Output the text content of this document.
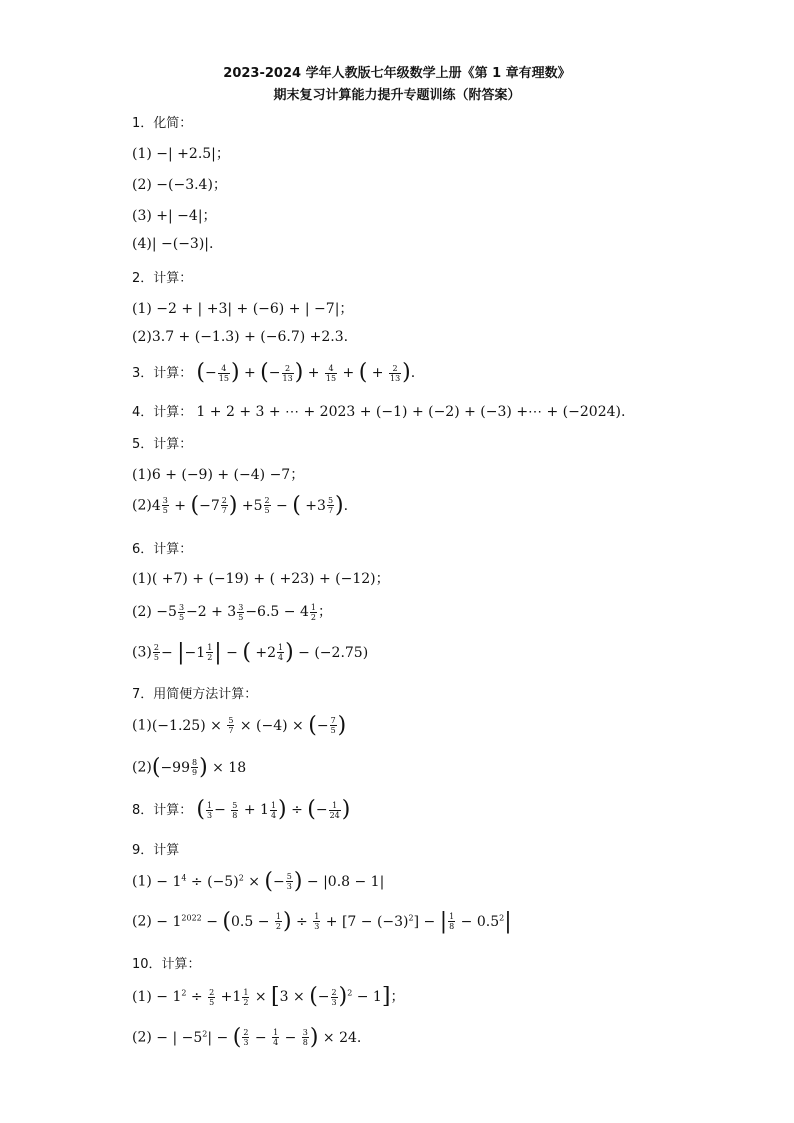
2023-2024 学年人教版七年级数学上册《第 1 章有理数》
期末复习计算能力提升专题训练（附答案）
1．化简：
(1) −| +2.5|；
(2) −(−3.4)；
(3) +| −4|；
(4)| −(−3)|.
2．计算：
(1) −2 + | +3| + (−6) + | −7|；
(2)3.7 + (−1.3) + (−6.7) +2.3.
3．计算： (− $\frac{4}{15}$ ) + (− $\frac{2}{13}$ ) + $\frac{4}{15}$ + ( + $\frac{2}{13}$ ).
4．计算： 1 + 2 + 3 + ⋯ + 2023 + (−1) + (−2) + (−3) +⋯ + (−2024).
5．计算：
(1)6 + (−9) + (−4) −7；
$(2)4 \frac{3}{5} + (-7 \frac{2}{7}$ ) $+5 \frac{2}{5}$ − ( $+3 \frac{5}{7}$ ).
6．计算：
(1)( +7) + (−19) + ( +23) + (−12)；
$(2) -5 \frac{3}{5} -2 + 3 \frac{3}{5} -6.5 - 4 \frac{1}{2}$ ；
$(3) \frac{2}{5} - |-1 \frac{1}{2}$ | − ( $+2 \frac{1}{4}$ ) − (−2.75)
7．用简便方法计算：
$(1)(-1.25) \times \frac{5}{7} \times (-4)$ × (− $\frac{7}{5}$ )
$(2)(-99 \frac{8}{9}$ ) × 18
8．计算： ( $\frac{1}{3} - \frac{5}{8} + 1 \frac{1}{4}$ ) ÷ (− $\frac{1}{24}$ )
9．计算
$(1) - 1^4 \div (-5)^2$ × (− $\frac{5}{3}$ ) − |0.8 − 1|
$(2) - 1^{2022} - (0.5 - \frac{1}{2}$ ) ÷ $\frac{1}{3} + [7 - (-3)^2]$ − | $\frac{1}{8} - 0.5^2|$
10．计算：
$(1) - 1^2 \div \frac{2}{5} +1 \frac{1}{2} \times [3$ × (− $\frac{2}{3} )^2 - 1$]；
(2) − | $-5^2|$ − ( $\frac{2}{3} - \frac{1}{4} - \frac{3}{8}$ ) × 24.
